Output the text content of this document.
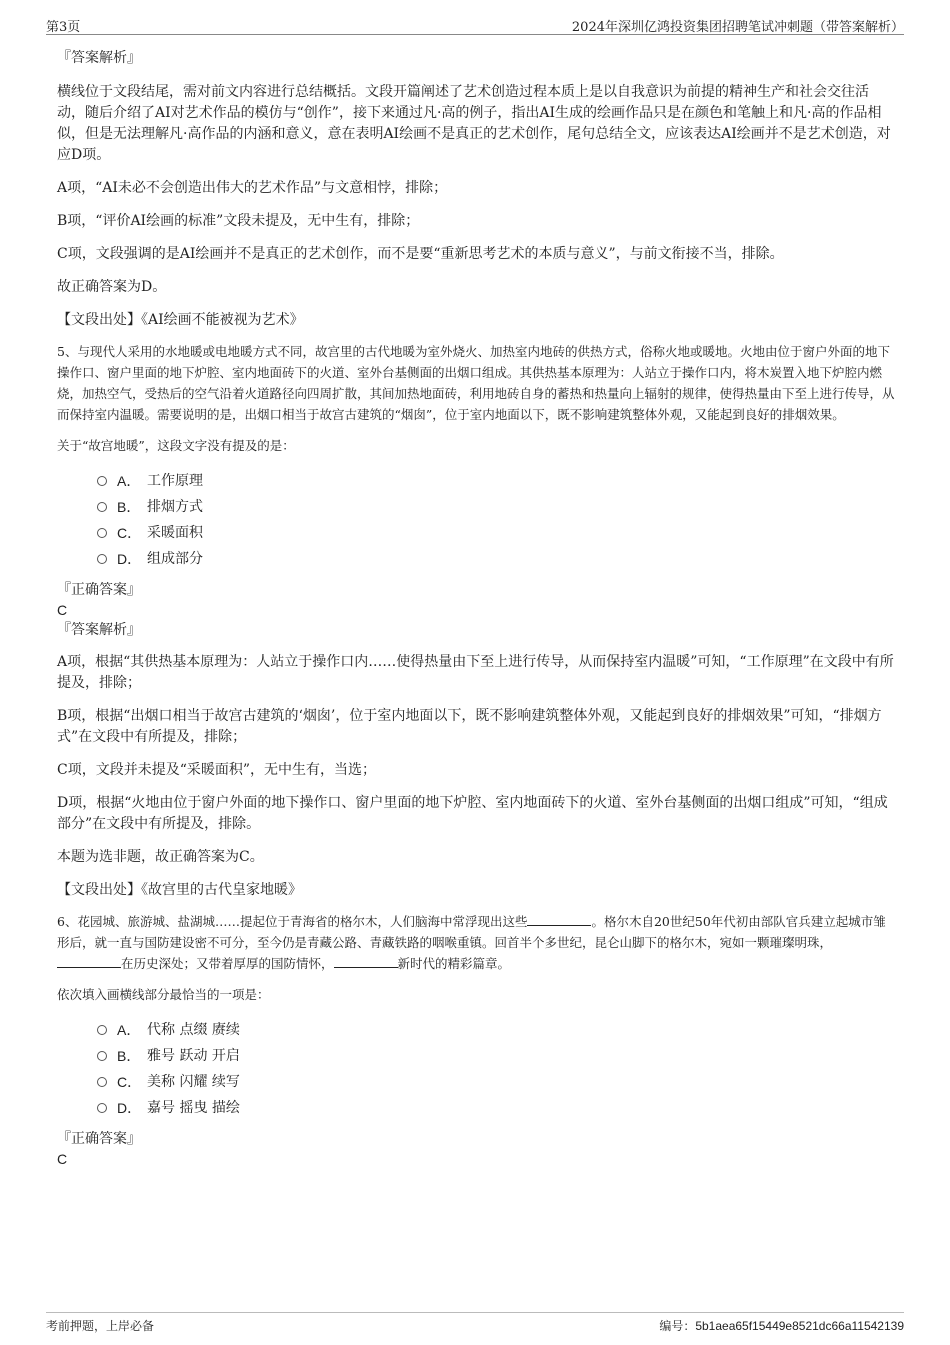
第3页	2024年深圳亿鸿投资集团招聘笔试冲刺题（带答案解析）
『答案解析』

横线位于文段结尾，需对前文内容进行总结概括。文段开篇阐述了艺术创造过程本质上是以自我意识为前提的精神生产和社会交往活动，随后介绍了AI对艺术作品的模仿与“创作”，接下来通过凡·高的例子，指出AI生成的绘画作品只是在颜色和笔触上和凡·高的作品相似，但是无法理解凡·高作品的内涵和意义，意在表明AI绘画不是真正的艺术创作，尾句总结全文，应该表达AI绘画并不是艺术创造，对应D项。

A项，“AI未必不会创造出伟大的艺术作品”与文意相悖，排除；

B项，“评价AI绘画的标准”文段未提及，无中生有，排除；

C项，文段强调的是AI绘画并不是真正的艺术创作，而不是要“重新思考艺术的本质与意义”，与前文衔接不当，排除。

故正确答案为D。

【文段出处】《AI绘画不能被视为艺术》

5、与现代人采用的水地暖或电地暖方式不同，故宫里的古代地暖为室外烧火、加热室内地砖的供热方式，俗称火地或暖地。火地由位于窗户外面的地下操作口、窗户里面的地下炉腔、室内地面砖下的火道、室外台基侧面的出烟口组成。其供热基本原理为：人站立于操作口内，将木炭置入地下炉腔内燃烧，加热空气，受热后的空气沿着火道路径向四周扩散，其间加热地面砖，利用地砖自身的蓄热和热量向上辐射的规律，使得热量由下至上进行传导，从而保持室内温暖。需要说明的是，出烟口相当于故宫古建筑的“烟囱”，位于室内地面以下，既不影响建筑整体外观，又能起到良好的排烟效果。

关于“故宫地暖”，这段文字没有提及的是：

A． 工作原理
B． 排烟方式
C． 采暖面积
D． 组成部分
『正确答案』
C
『答案解析』

A项，根据“其供热基本原理为：人站立于操作口内……使得热量由下至上进行传导，从而保持室内温暖”可知，“工作原理”在文段中有所提及，排除；

B项，根据“出烟口相当于故宫古建筑的‘烟囱’，位于室内地面以下，既不影响建筑整体外观，又能起到良好的排烟效果”可知，“排烟方式”在文段中有所提及，排除；

C项，文段并未提及“采暖面积”，无中生有，当选；

D项，根据“火地由位于窗户外面的地下操作口、窗户里面的地下炉腔、室内地面砖下的火道、室外台基侧面的出烟口组成”可知，“组成部分”在文段中有所提及，排除。

本题为选非题，故正确答案为C。

【文段出处】《故宫里的古代皇家地暖》

6、花园城、旅游城、盐湖城……提起位于青海省的格尔木，人们脑海中常浮现出这些	。格尔木自20世纪50年代初由部队官兵建立起城市雏形后，就一直与国防建设密不可分，至今仍是青藏公路、青藏铁路的咽喉重镇。回首半个多世纪，昆仑山脚下的格尔木，宛如一颗璀璨明珠，在历史深处；又带着厚厚的国防情怀，	新时代的精彩篇章。

依次填入画横线部分最恰当的一项是：

A． 代称 点缀 赓续
B． 雅号 跃动 开启
C． 美称 闪耀 续写
D． 嘉号 摇曳 描绘
『正确答案』
C
考前押题，上岸必备	编号：5b1aea65f15449e8521dc66a11542139
